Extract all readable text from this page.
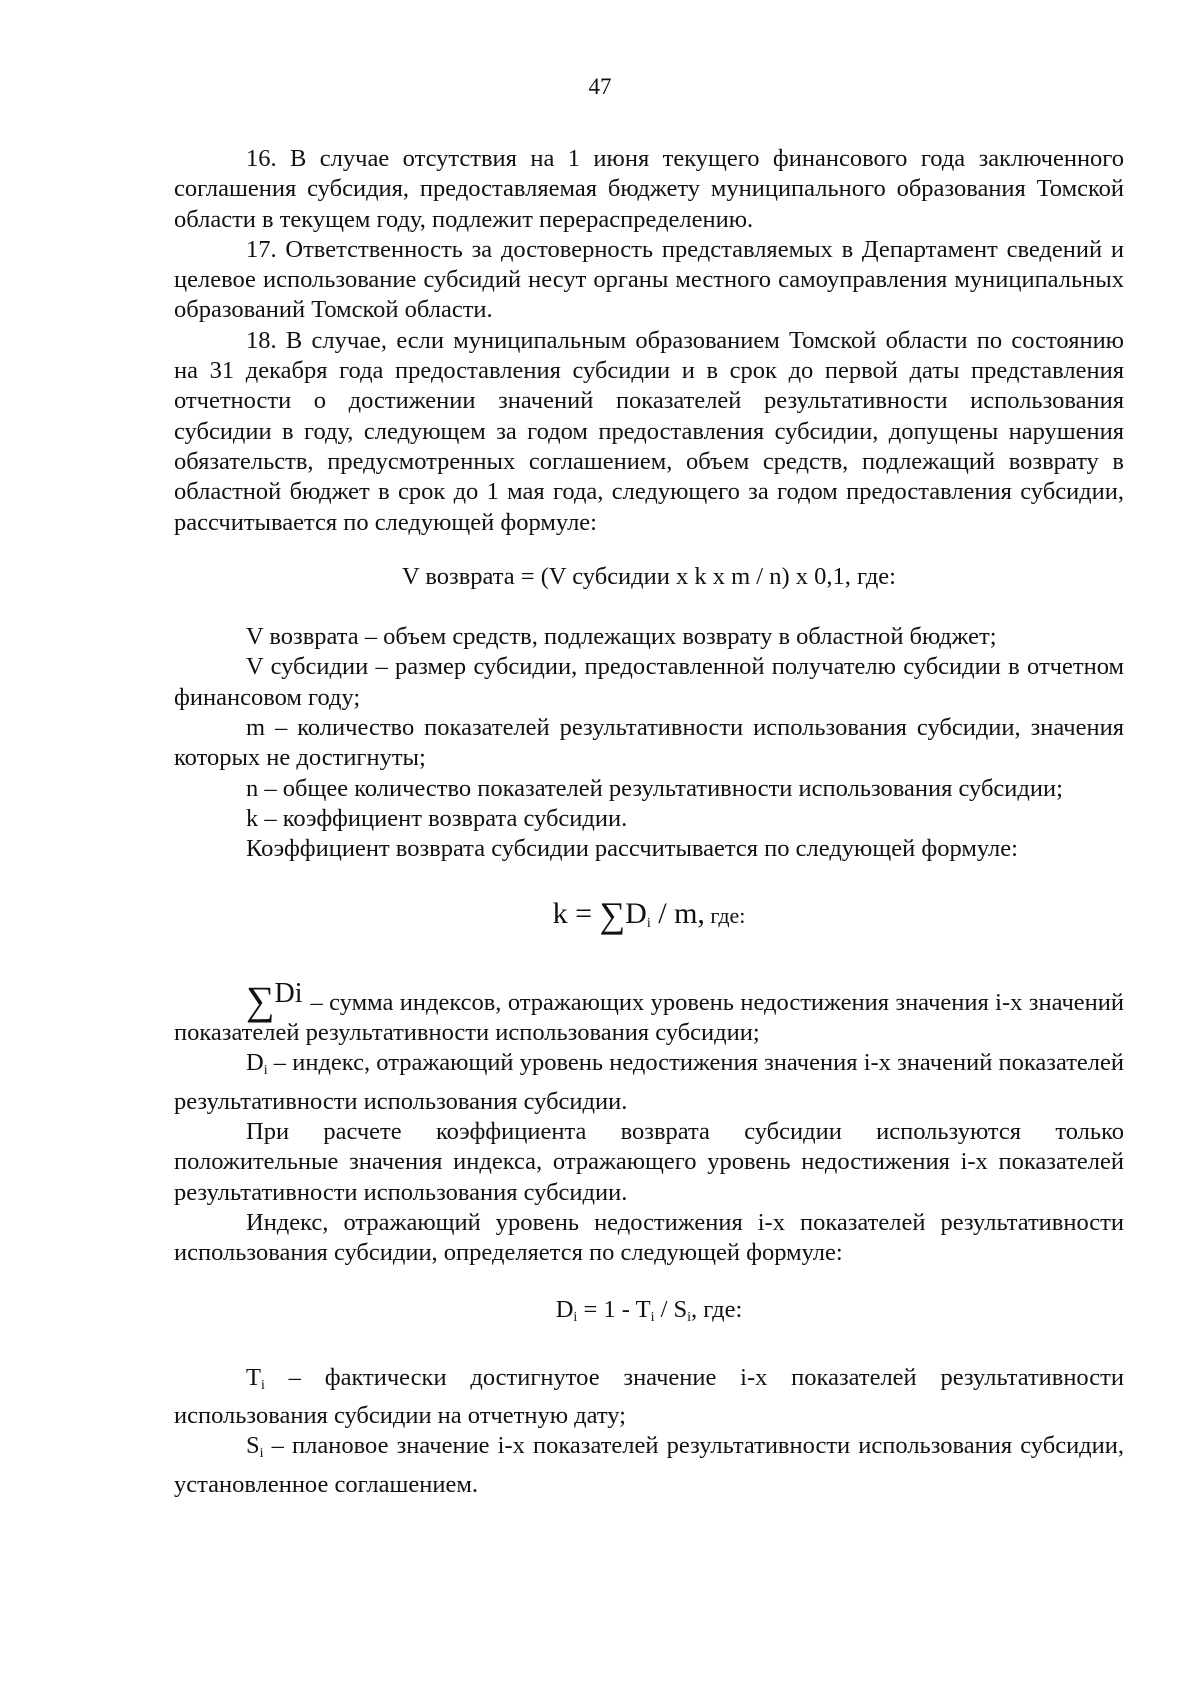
47

16. В случае отсутствия на 1 июня текущего финансового года заключенного соглашения субсидия, предоставляемая бюджету муниципального образования Томской области в текущем году, подлежит перераспределению.

17. Ответственность за достоверность представляемых в Департамент сведений и целевое использование субсидий несут органы местного самоуправления муниципальных образований Томской области.

18. В случае, если муниципальным образованием Томской области по состоянию на 31 декабря года предоставления субсидии и в срок до первой даты представления отчетности о достижении значений показателей результативности использования субсидии в году, следующем за годом предоставления субсидии, допущены нарушения обязательств, предусмотренных соглашением, объем средств, подлежащий возврату в областной бюджет в срок до 1 мая года, следующего за годом предоставления субсидии, рассчитывается по следующей формуле:

V возврата = (V субсидии x k x m / n) x 0,1, где:

V возврата – объем средств, подлежащих возврату в областной бюджет;

V субсидии – размер субсидии, предоставленной получателю субсидии в отчетном финансовом году;

m – количество показателей результативности использования субсидии, значения которых не достигнуты;

n – общее количество показателей результативности использования субсидии;

k – коэффициент возврата субсидии.

Коэффициент возврата субсидии рассчитывается по следующей формуле:

$k = \sum D_i / m$, где:

∑Di – сумма индексов, отражающих уровень недостижения значения i-х значений показателей результативности использования субсидии;

$D_i$ – индекс, отражающий уровень недостижения значения i-х значений показателей результативности использования субсидии.

При расчете коэффициента возврата субсидии используются только положительные значения индекса, отражающего уровень недостижения i-х показателей результативности использования субсидии.

Индекс, отражающий уровень недостижения i-х показателей результативности использования субсидии, определяется по следующей формуле:

$D_i = 1 - T_i / S_i$, где:

$T_i$ – фактически достигнутое значение i-х показателей результативности использования субсидии на отчетную дату;

$S_i$ – плановое значение i-х показателей результативности использования субсидии, установленное соглашением.
